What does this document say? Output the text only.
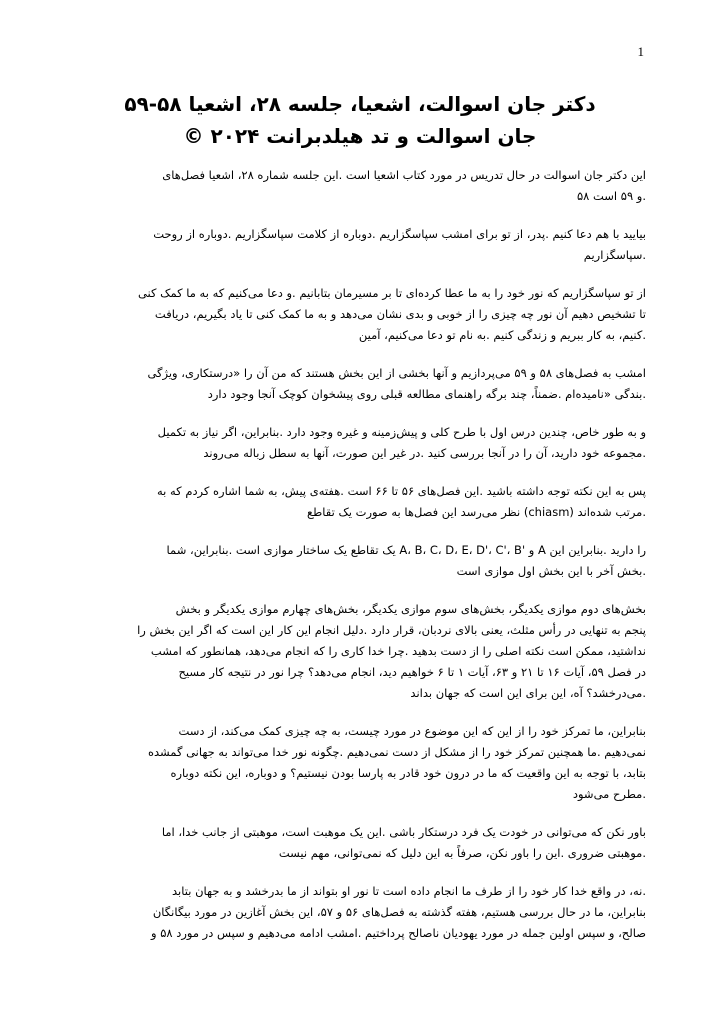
1
دکتر جان اسوالت، اشعیا، جلسه ۲۸، اشعیا ۵۸-۵۹
جان اسوالت و تد هیلدبرانت ۲۰۲۴ ©

این دکتر جان اسوالت در حال تدریس در مورد کتاب اشعیا است .این جلسه شماره ۲۸، اشعیا فصل‌های
.و ۵۹ است ۵۸

بیایید با هم دعا کنیم .پدر، از تو برای امشب سپاسگزاریم .دوباره از کلامت سپاسگزاریم .دوباره از روحت
.سپاسگزاریم

از تو سپاسگزاریم که نور خود را به ما عطا کرده‌ای تا بر مسیرمان بتابانیم .و دعا می‌کنیم که به ما کمک کنی
تا تشخیص دهیم آن نور چه چیزی را از خوبی و بدی نشان می‌دهد و به ما کمک کنی تا یاد بگیریم، دریافت
.کنیم، به کار ببریم و زندگی کنیم .به نام تو دعا می‌کنیم، آمین

امشب به فصل‌های ۵۸ و ۵۹ می‌پردازیم و آنها بخشی از این بخش هستند که من آن را «درستکاری، ویژگی
.بندگی «نامیده‌ام .ضمناً، چند برگه راهنمای مطالعه قبلی روی پیشخوان کوچک آنجا وجود دارد

و به طور خاص، چندین درس اول با طرح کلی و پیش‌زمینه و غیره وجود دارد .بنابراین، اگر نیاز به تکمیل
.مجموعه خود دارید، آن را در آنجا بررسی کنید .در غیر این صورت، آنها به سطل زباله می‌روند

پس به این نکته توجه داشته باشید .این فصل‌های ۵۶ تا ۶۶ است .هفته‌ی پیش، به شما اشاره کردم که به
.مرتب شده‌اند (chiasm) نظر می‌رسد این فصل‌ها به صورت یک تقاطع

را دارید .بنابراین این A و 'A، B، C، D، E، D'، C'، B یک تقاطع یک ساختار موازی است .بنابراین، شما
.بخش آخر با این بخش اول موازی است

بخش‌های دوم موازی یکدیگر، بخش‌های سوم موازی یکدیگر، بخش‌های چهارم موازی یکدیگر و بخش
پنجم به تنهایی در رأس مثلث، یعنی بالای نردبان، قرار دارد .دلیل انجام این کار این است که اگر این بخش را
نداشتید، ممکن است نکته اصلی را از دست بدهید .چرا خدا کاری را که انجام می‌دهد، همانطور که امشب
در فصل ۵۹، آیات ۱۶ تا ۲۱ و ۶۳، آیات ۱ تا ۶ خواهیم دید، انجام می‌دهد؟ چرا نور در نتیجه کار مسیح
.می‌درخشد؟ آه، این برای این است که جهان بداند

بنابراین، ما تمرکز خود را از این که این موضوع در مورد چیست، به چه چیزی کمک می‌کند، از دست
نمی‌دهیم .ما همچنین تمرکز خود را از مشکل از دست نمی‌دهیم .چگونه نور خدا می‌تواند به جهانی گمشده
بتابد، با توجه به این واقعیت که ما در درون خود قادر به پارسا بودن نیستیم؟ و دوباره، این نکته دوباره
.مطرح می‌شود

باور نکن که می‌توانی در خودت یک فرد درستکار باشی .این یک موهبت است، موهبتی از جانب خدا، اما
.موهبتی ضروری .این را باور نکن، صرفاً به این دلیل که نمی‌توانی، مهم نیست

.نه، در واقع خدا کار خود را از طرف ما انجام داده است تا نور او بتواند از ما بدرخشد و به جهان بتابد
بنابراین، ما در حال بررسی هستیم، هفته گذشته به فصل‌های ۵۶ و ۵۷، این بخش آغازین در مورد بیگانگان
صالح، و سپس اولین جمله در مورد یهودیان ناصالح پرداختیم .امشب ادامه می‌دهیم و سپس در مورد ۵۸ و
